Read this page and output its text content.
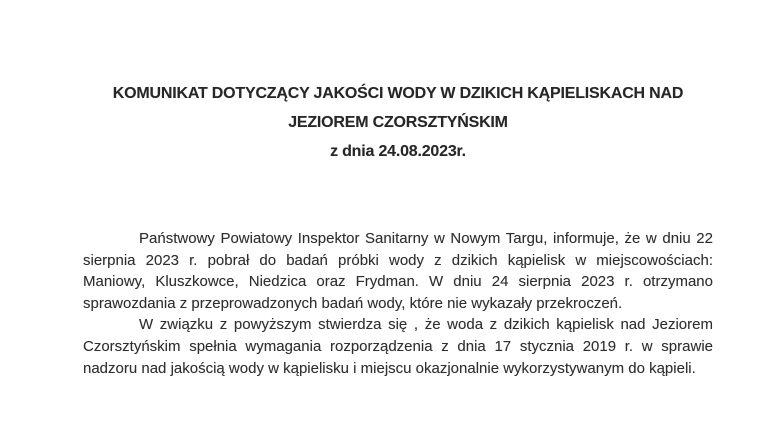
KOMUNIKAT DOTYCZĄCY JAKOŚCI WODY W DZIKICH KĄPIELISKACH NAD
JEZIOREM CZORSZTYŃSKIM
z dnia 24.08.2023r.
Państwowy Powiatowy Inspektor Sanitarny w Nowym Targu, informuje, że w dniu 22
sierpnia 2023 r. pobrał do badań próbki wody z dzikich kąpielisk w miejscowościach:
Maniowy, Kluszkowce, Niedzica oraz Frydman. W dniu 24 sierpnia 2023 r. otrzymano
sprawozdania z przeprowadzonych badań wody, które nie wykazały przekroczeń.
W związku z powyższym stwierdza się , że woda z dzikich kąpielisk nad Jeziorem
Czorsztyńskim spełnia wymagania rozporządzenia z dnia 17 stycznia 2019 r. w sprawie
nadzoru nad jakością wody w kąpielisku i miejscu okazjonalnie wykorzystywanym do kąpieli.
